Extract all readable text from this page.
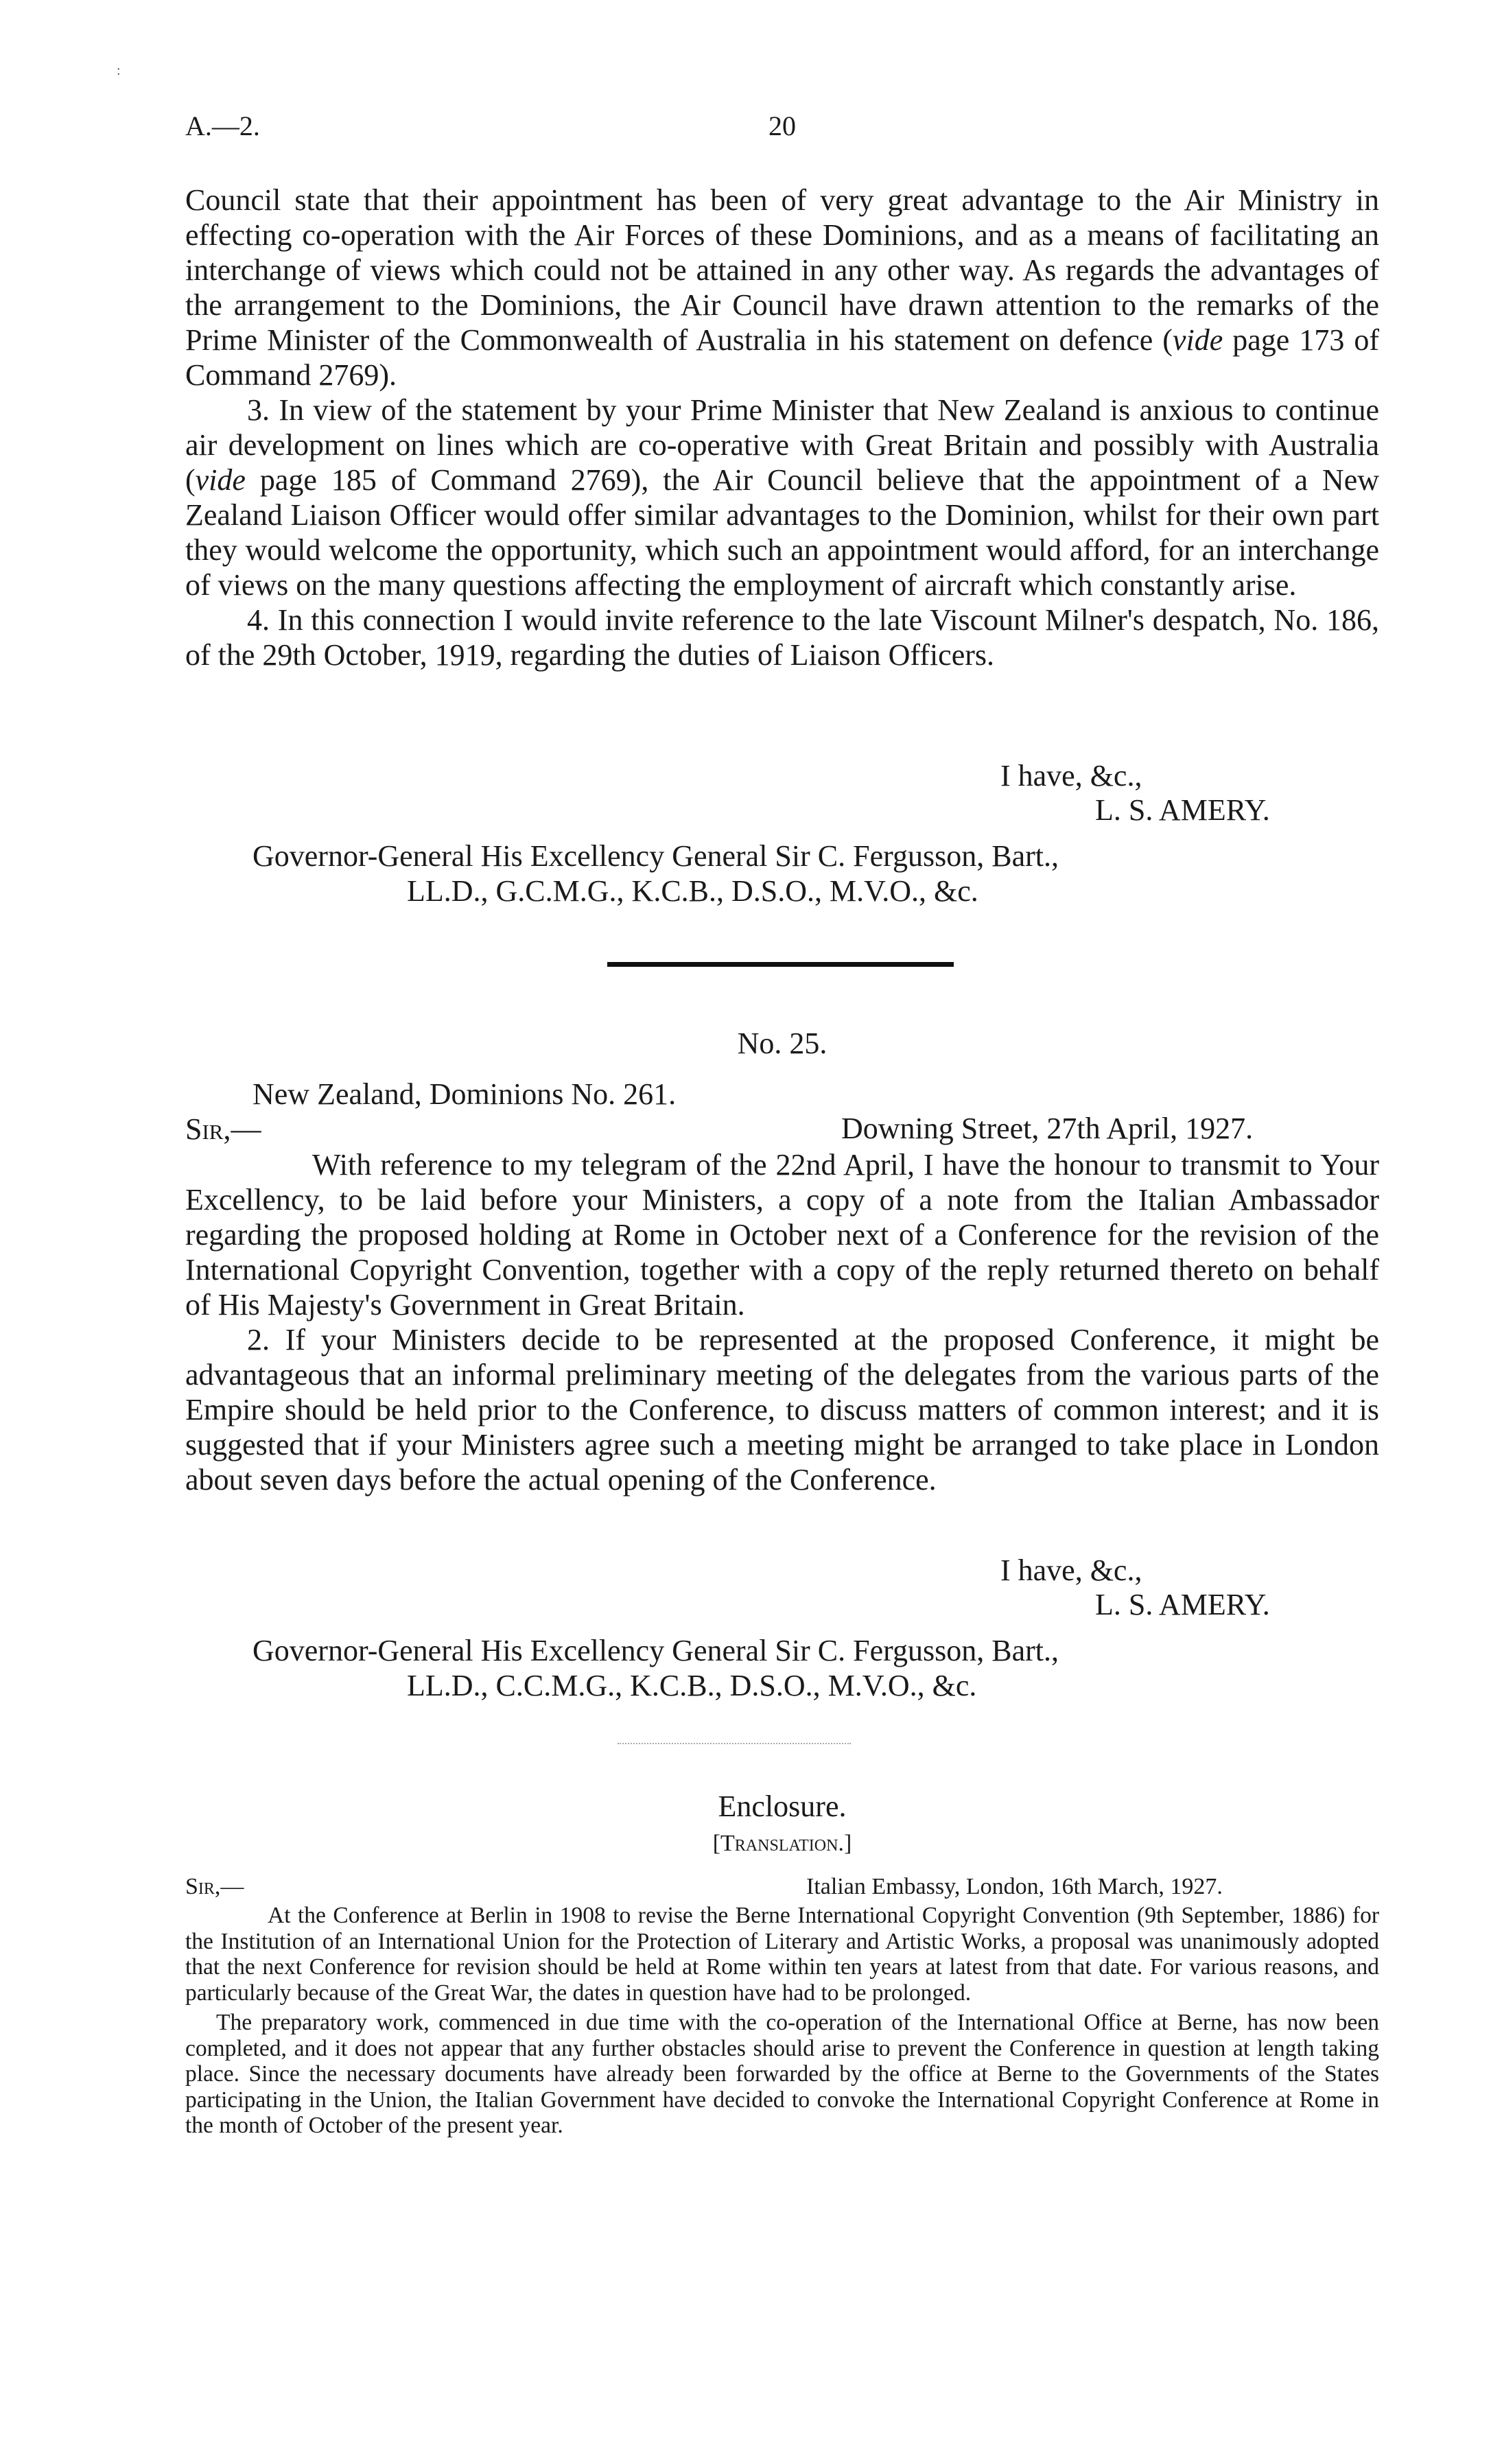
:
A.—2.	20

Council state that their appointment has been of very great advantage to the Air Ministry in effecting co-operation with the Air Forces of these Dominions, and as a means of facilitating an interchange of views which could not be attained in any other way. As regards the advantages of the arrangement to the Dominions, the Air Council have drawn attention to the remarks of the Prime Minister of the Commonwealth of Australia in his statement on defence (vide page 173 of Command 2769).

3. In view of the statement by your Prime Minister that New Zealand is anxious to continue air development on lines which are co-operative with Great Britain and possibly with Australia (vide page 185 of Command 2769), the Air Council believe that the appointment of a New Zealand Liaison Officer would offer similar advantages to the Dominion, whilst for their own part they would welcome the opportunity, which such an appointment would afford, for an interchange of views on the many questions affecting the employment of aircraft which constantly arise.

4. In this connection I would invite reference to the late Viscount Milner's despatch, No. 186, of the 29th October, 1919, regarding the duties of Liaison Officers.

I have, &c.,
L. S. AMERY.
Governor-General His Excellency General Sir C. Fergusson, Bart.,
LL.D., G.C.M.G., K.C.B., D.S.O., M.V.O., &c.
No. 25.
New Zealand, Dominions No. 261.
Sir,—	Downing Street, 27th April, 1927.

With reference to my telegram of the 22nd April, I have the honour to transmit to Your Excellency, to be laid before your Ministers, a copy of a note from the Italian Ambassador regarding the proposed holding at Rome in October next of a Conference for the revision of the International Copyright Convention, together with a copy of the reply returned thereto on behalf of His Majesty's Government in Great Britain.

2. If your Ministers decide to be represented at the proposed Conference, it might be advantageous that an informal preliminary meeting of the delegates from the various parts of the Empire should be held prior to the Conference, to discuss matters of common interest; and it is suggested that if your Ministers agree such a meeting might be arranged to take place in London about seven days before the actual opening of the Conference.

I have, &c.,
L. S. AMERY.
Governor-General His Excellency General Sir C. Fergusson, Bart.,
LL.D., C.C.M.G., K.C.B., D.S.O., M.V.O., &c.
Enclosure.
[Translation.]
Sir,—	Italian Embassy, London, 16th March, 1927.

At the Conference at Berlin in 1908 to revise the Berne International Copyright Convention (9th September, 1886) for the Institution of an International Union for the Protection of Literary and Artistic Works, a proposal was unanimously adopted that the next Conference for revision should be held at Rome within ten years at latest from that date. For various reasons, and particularly because of the Great War, the dates in question have had to be prolonged.

The preparatory work, commenced in due time with the co-operation of the International Office at Berne, has now been completed, and it does not appear that any further obstacles should arise to prevent the Conference in question at length taking place. Since the necessary documents have already been forwarded by the office at Berne to the Governments of the States participating in the Union, the Italian Government have decided to convoke the International Copyright Conference at Rome in the month of October of the present year.
